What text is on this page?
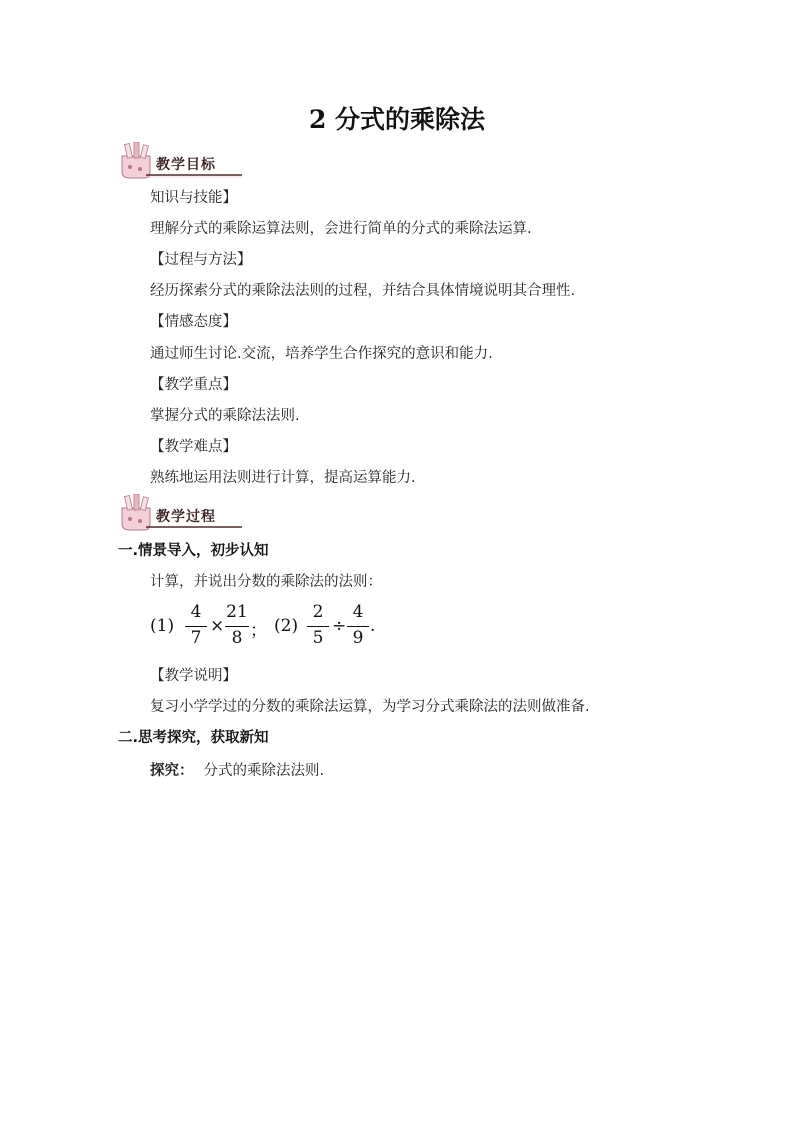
2 分式的乘除法
教学目标
知识与技能】
理解分式的乘除运算法则，会进行简单的分式的乘除法运算.
【过程与方法】
经历探索分式的乘除法法则的过程，并结合具体情境说明其合理性.
【情感态度】
通过师生讨论.交流，培养学生合作探究的意识和能力.
【教学重点】
掌握分式的乘除法法则.
【教学难点】
熟练地运用法则进行计算，提高运算能力.
教学过程
一.情景导入，初步认知
计算，并说出分数的乘除法的法则：
(1)
4
7
×
21
8 ； (2)
2
5
÷
4
9
.
【教学说明】
复习小学学过的分数的乘除法运算，为学习分式乘除法的法则做准备.
二.思考探究，获取新知
探究： 分式的乘除法法则.
